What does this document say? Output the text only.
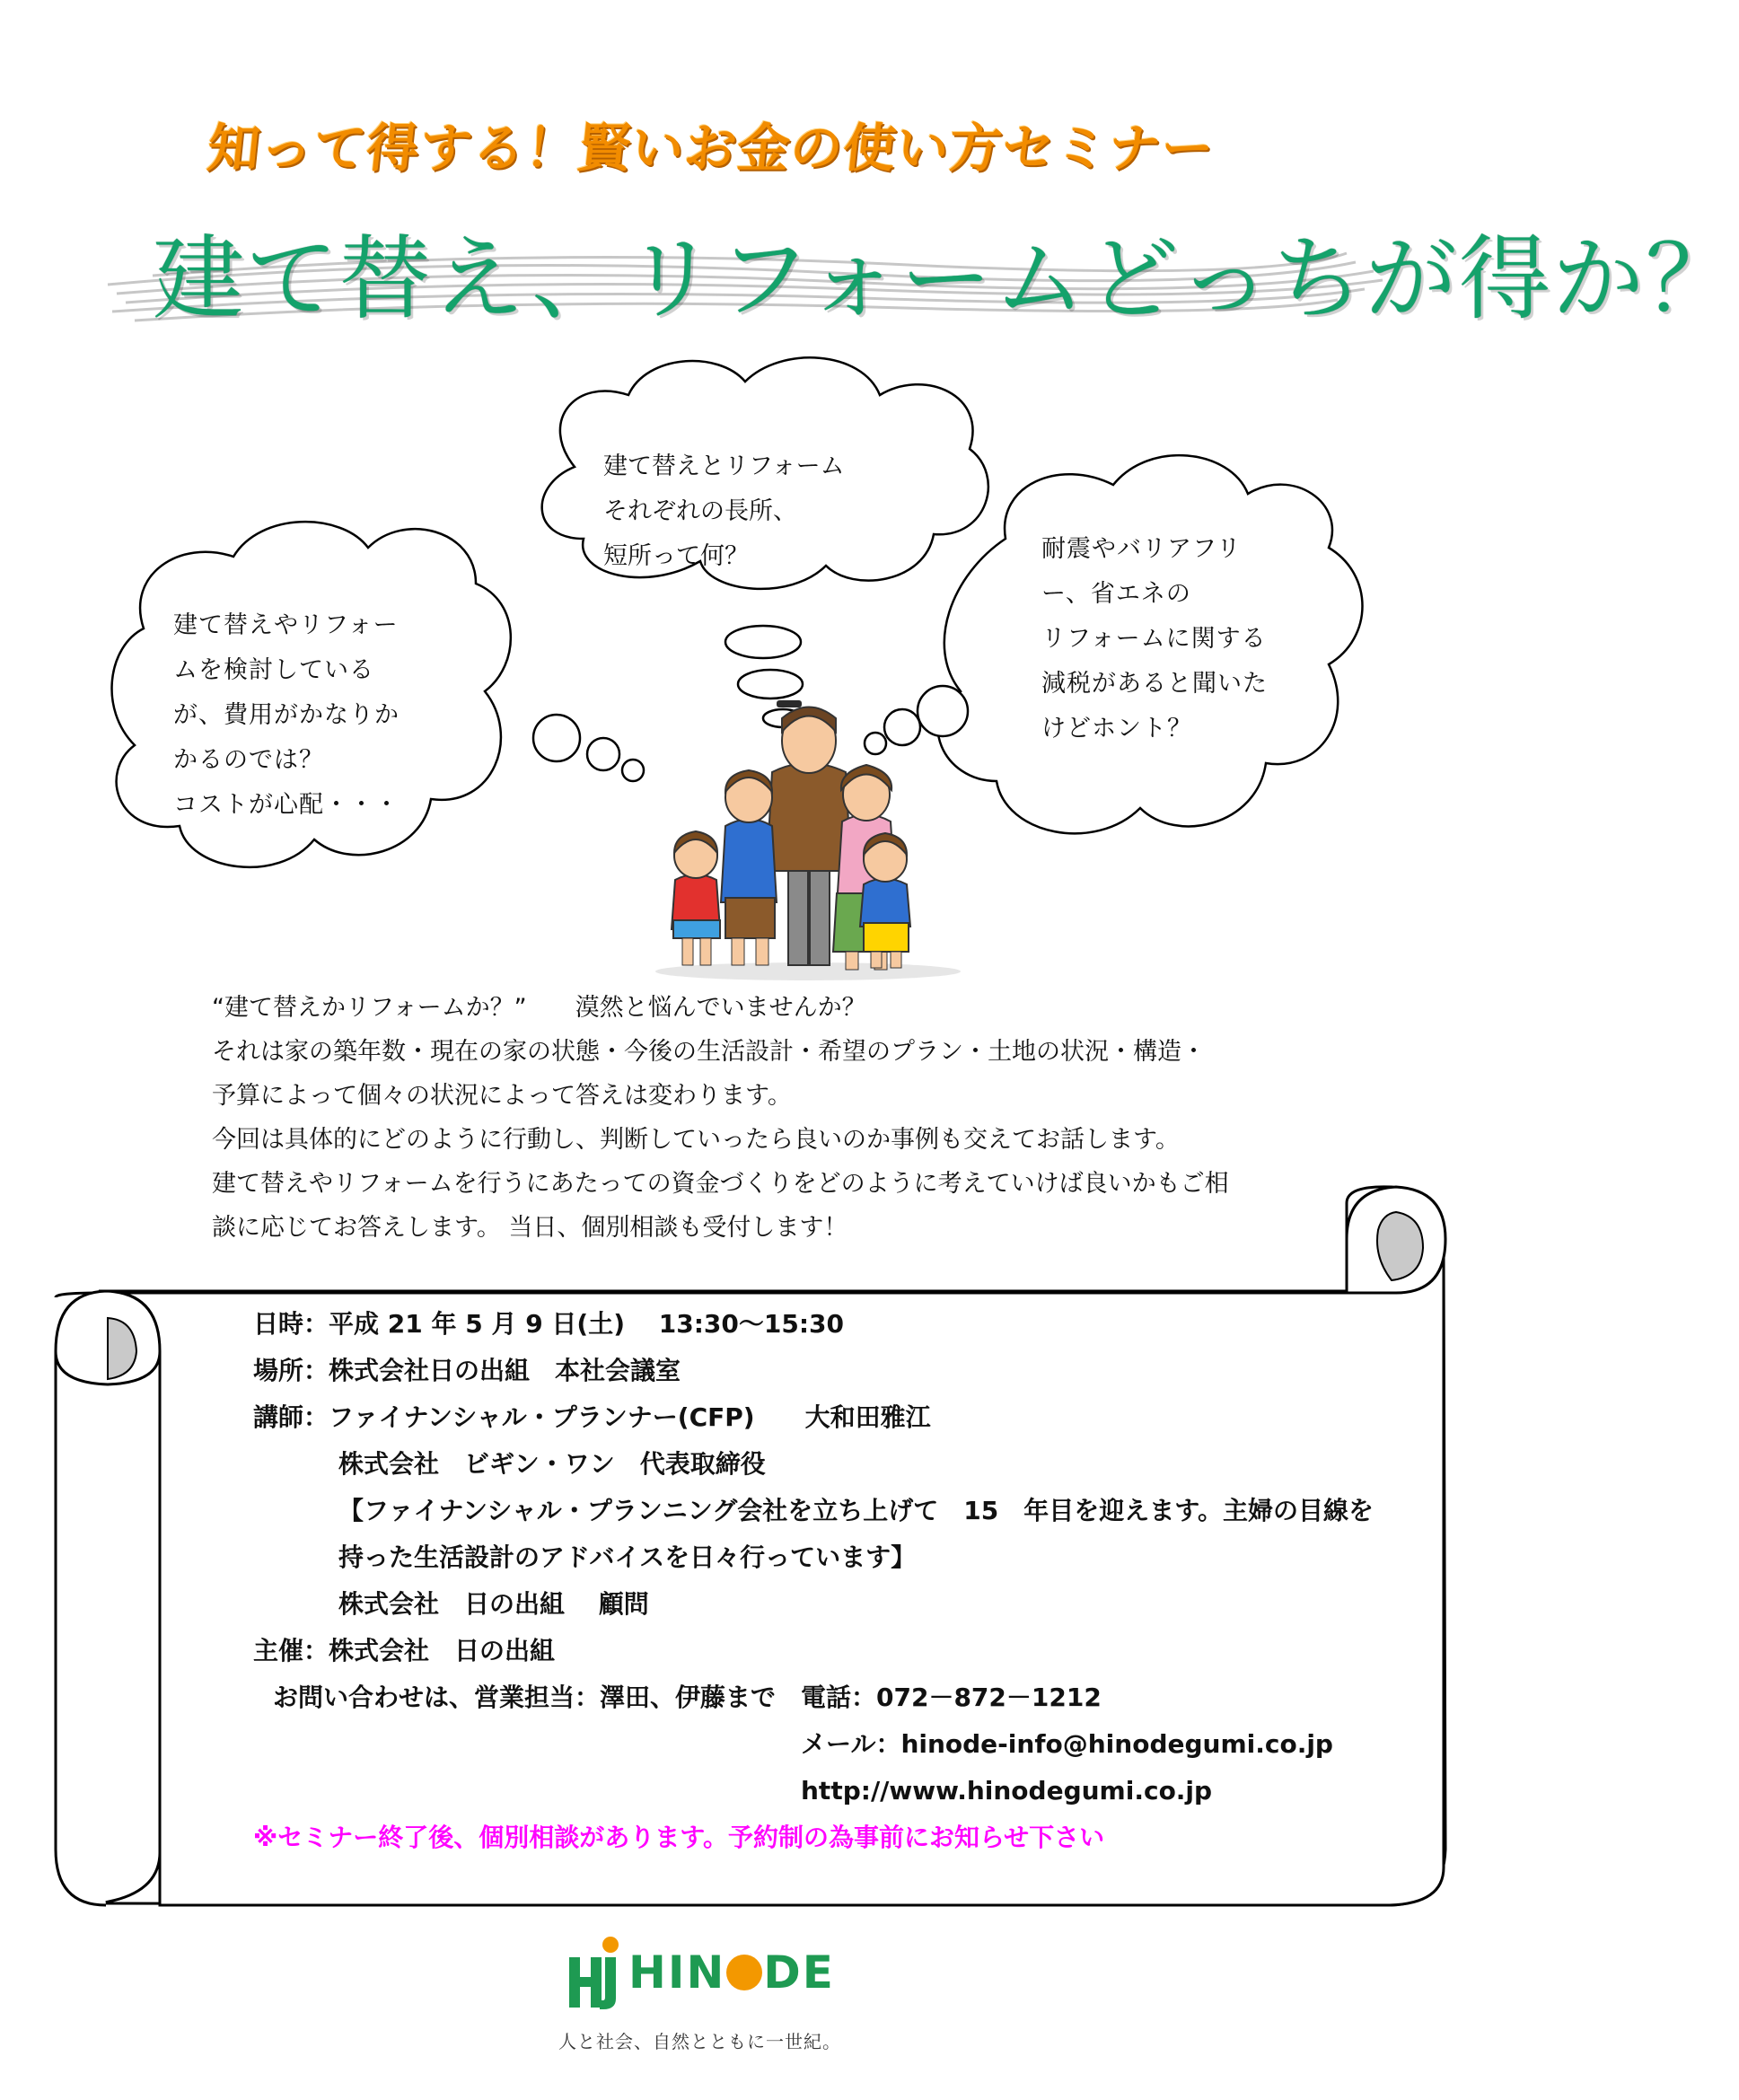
知って得する！賢いお金の使い方セミナー
建て替え、リフォームどっちが得か？
建て替えとリフォーム
それぞれの長所、
短所って何？
建て替えやリフォー
ムを検討している
が、費用がかなりか
かるのでは？
コストが心配・・・
耐震やバリアフリ
ー、省エネの
リフォームに関する
減税があると聞いた
けどホント？
“建て替えかリフォームか？”　　漠然と悩んでいませんか？
それは家の築年数・現在の家の状態・今後の生活設計・希望のプラン・土地の状況・構造・
予算によって個々の状況によって答えは変わります。
今回は具体的にどのように行動し、判断していったら良いのか事例も交えてお話します。
建て替えやリフォームを行うにあたっての資金づくりをどのように考えていけば良いかもご相
談に応じてお答えします。 当日、個別相談も受付します！
日時：平成 21 年 5 月 9 日(土)　 13:30～15:30
場所：株式会社日の出組　本社会議室
講師：ファイナンシャル・プランナー(CFP)　　大和田雅江
株式会社　ビギン・ワン　代表取締役
【ファイナンシャル・プランニング会社を立ち上げて　15　年目を迎えます。主婦の目線を
持った生活設計のアドバイスを日々行っています】
株式会社　日の出組　 顧問
主催：株式会社　日の出組
お問い合わせは、営業担当：澤田、伊藤まで　電話：072－872－1212
メール：hinode-info@hinodegumi.co.jp
http://www.hinodegumi.co.jp
※セミナー終了後、個別相談があります。予約制の為事前にお知らせ下さい
HIN DE
人と社会、自然とともに一世紀。
